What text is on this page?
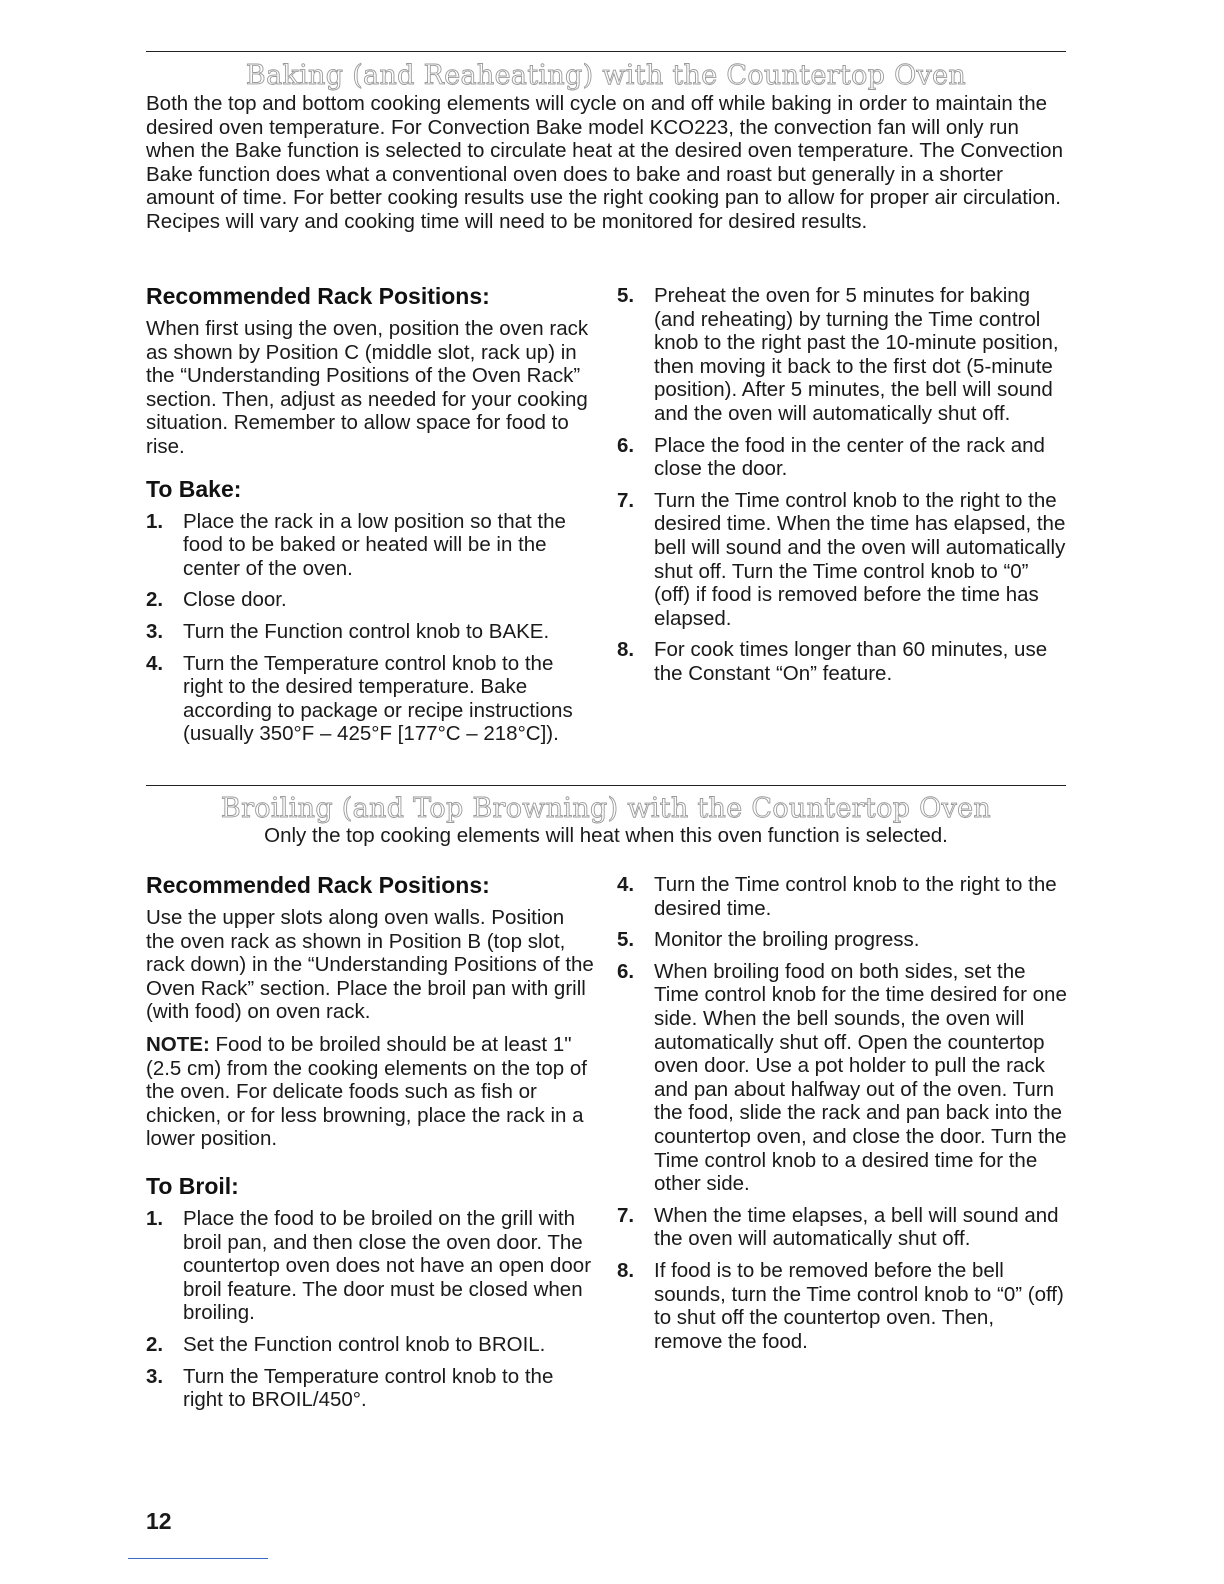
Baking (and Reaheating) with the Countertop Oven

Both the top and bottom cooking elements will cycle on and off while baking in order to maintain the desired oven temperature. For Convection Bake model KCO223, the convection fan will only run when the Bake function is selected to circulate heat at the desired oven temperature. The Convection Bake function does what a conventional oven does to bake and roast but generally in a shorter amount of time. For better cooking results use the right cooking pan to allow for proper air circulation. Recipes will vary and cooking time will need to be monitored for desired results.

Recommended Rack Positions:

When first using the oven, position the oven rack as shown by Position C (middle slot, rack up) in the “Understanding Positions of the Oven Rack” section. Then, adjust as needed for your cooking situation. Remember to allow space for food to rise.

To Bake:
1. Place the rack in a low position so that the food to be baked or heated will be in the center of the oven.
2. Close door.
3. Turn the Function control knob to BAKE.
4. Turn the Temperature control knob to the right to the desired temperature. Bake according to package or recipe instructions (usually 350°F – 425°F [177°C – 218°C]).
5. Preheat the oven for 5 minutes for baking (and reheating) by turning the Time control knob to the right past the 10-minute position, then moving it back to the first dot (5-minute position). After 5 minutes, the bell will sound and the oven will automatically shut off.
6. Place the food in the center of the rack and close the door.
7. Turn the Time control knob to the right to the desired time. When the time has elapsed, the bell will sound and the oven will automatically shut off. Turn the Time control knob to “0” (off) if food is removed before the time has elapsed.
8. For cook times longer than 60 minutes, use the Constant “On” feature.
Broiling (and Top Browning) with the Countertop Oven

Only the top cooking elements will heat when this oven function is selected.

Recommended Rack Positions:

Use the upper slots along oven walls. Position the oven rack as shown in Position B (top slot, rack down) in the “Understanding Positions of the Oven Rack” section. Place the broil pan with grill (with food) on oven rack.

NOTE: Food to be broiled should be at least 1" (2.5 cm) from the cooking elements on the top of the oven. For delicate foods such as fish or chicken, or for less browning, place the rack in a lower position.

To Broil:
1. Place the food to be broiled on the grill with broil pan, and then close the oven door. The countertop oven does not have an open door broil feature. The door must be closed when broiling.
2. Set the Function control knob to BROIL.
3. Turn the Temperature control knob to the right to BROIL/450°.
4. Turn the Time control knob to the right to the desired time.
5. Monitor the broiling progress.
6. When broiling food on both sides, set the Time control knob for the time desired for one side. When the bell sounds, the oven will automatically shut off. Open the countertop oven door. Use a pot holder to pull the rack and pan about halfway out of the oven. Turn the food, slide the rack and pan back into the countertop oven, and close the door. Turn the Time control knob to a desired time for the other side.
7. When the time elapses, a bell will sound and the oven will automatically shut off.
8. If food is to be removed before the bell sounds, turn the Time control knob to “0” (off) to shut off the countertop oven. Then, remove the food.
12
